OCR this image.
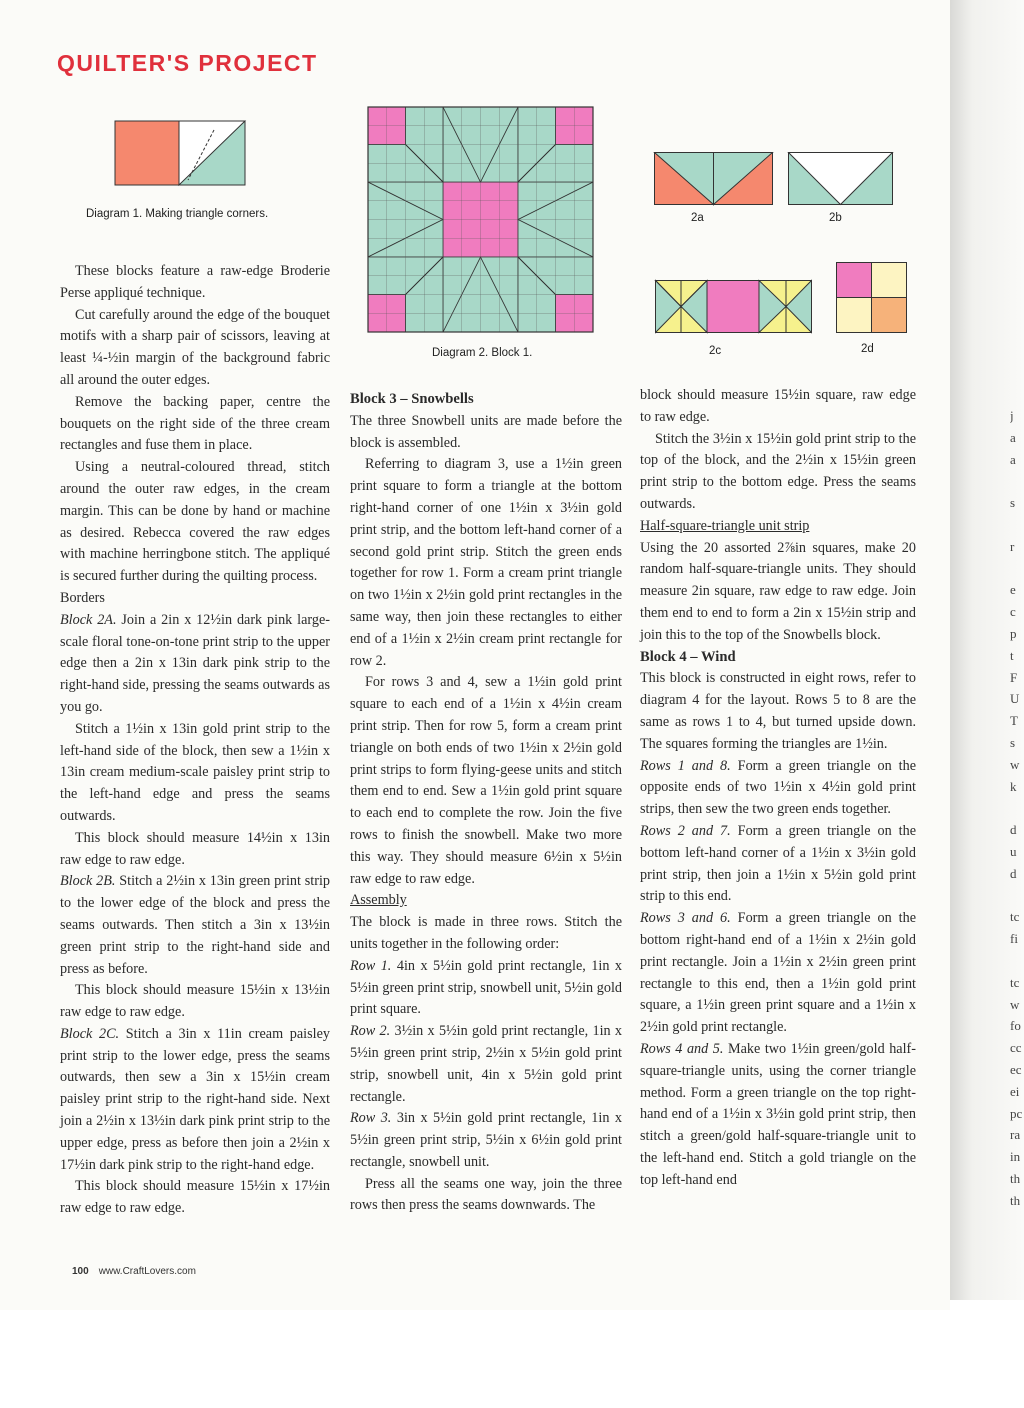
j
a
a
s
r
e
c
p
t
F
U
T
s
w
k
d
u
d
tc
fi
tc
w
fo
cc
ec
ei
pc
ra
in
th
th
QUILTER'S PROJECT
Diagram 1. Making triangle corners.
Diagram 2. Block 1.
2a	2b
2c	2d

These blocks feature a raw-edge Broderie Perse appliqué technique.

Cut carefully around the edge of the bouquet motifs with a sharp pair of scissors, leaving at least ¼-½in margin of the background fabric all around the outer edges.

Remove the backing paper, centre the bouquets on the right side of the three cream rectangles and fuse them in place.

Using a neutral-coloured thread, stitch around the outer raw edges, in the cream margin. This can be done by hand or machine as desired. Rebecca covered the raw edges with machine herringbone stitch. The appliqué is secured further during the quilting process.

Borders

Block 2A. Join a 2in x 12½in dark pink large-scale floral tone-on-tone print strip to the upper edge then a 2in x 13in dark pink strip to the right-hand side, pressing the seams outwards as you go.

Stitch a 1½in x 13in gold print strip to the left-hand side of the block, then sew a 1½in x 13in cream medium-scale paisley print strip to the left-hand edge and press the seams outwards.

This block should measure 14½in x 13in raw edge to raw edge.

Block 2B. Stitch a 2½in x 13in green print strip to the lower edge of the block and press the seams outwards. Then stitch a 3in x 13½in green print strip to the right-hand side and press as before.

This block should measure 15½in x 13½in raw edge to raw edge.

Block 2C. Stitch a 3in x 11in cream paisley print strip to the lower edge, press the seams outwards, then sew a 3in x 15½in cream paisley print strip to the right-hand side. Next join a 2½in x 13½in dark pink print strip to the upper edge, press as before then join a 2½in x 17½in dark pink strip to the right-hand edge.

This block should measure 15½in x 17½in raw edge to raw edge.

Block 3 – Snowbells

The three Snowbell units are made before the block is assembled.

Referring to diagram 3, use a 1½in green print square to form a triangle at the bottom right-hand corner of one 1½in x 3½in gold print strip, and the bottom left-hand corner of a second gold print strip. Stitch the green ends together for row 1. Form a cream print triangle on two 1½in x 2½in gold print rectangles in the same way, then join these rectangles to either end of a 1½in x 2½in cream print rectangle for row 2.

For rows 3 and 4, sew a 1½in gold print square to each end of a 1½in x 4½in cream print strip. Then for row 5, form a cream print triangle on both ends of two 1½in x 2½in gold print strips to form flying-geese units and stitch them end to end. Sew a 1½in gold print square to each end to complete the row. Join the five rows to finish the snowbell. Make two more this way. They should measure 6½in x 5½in raw edge to raw edge.

Assembly

The block is made in three rows. Stitch the units together in the following order:

Row 1. 4in x 5½in gold print rectangle, 1in x 5½in green print strip, snowbell unit, 5½in gold print square.

Row 2. 3½in x 5½in gold print rectangle, 1in x 5½in green print strip, 2½in x 5½in gold print strip, snowbell unit, 4in x 5½in gold print rectangle.

Row 3. 3in x 5½in gold print rectangle, 1in x 5½in green print strip, 5½in x 6½in gold print rectangle, snowbell unit.

Press all the seams one way, join the three rows then press the seams downwards. The

block should measure 15½in square, raw edge to raw edge.

Stitch the 3½in x 15½in gold print strip to the top of the block, and the 2½in x 15½in green print strip to the bottom edge. Press the seams outwards.

Half-square-triangle unit strip

Using the 20 assorted 2⅞in squares, make 20 random half-square-triangle units. They should measure 2in square, raw edge to raw edge. Join them end to end to form a 2in x 15½in strip and join this to the top of the Snowbells block.

Block 4 – Wind

This block is constructed in eight rows, refer to diagram 4 for the layout. Rows 5 to 8 are the same as rows 1 to 4, but turned upside down. The squares forming the triangles are 1½in.

Rows 1 and 8. Form a green triangle on the opposite ends of two 1½in x 4½in gold print strips, then sew the two green ends together.

Rows 2 and 7. Form a green triangle on the bottom left-hand corner of a 1½in x 3½in gold print strip, then join a 1½in x 5½in gold print strip to this end.

Rows 3 and 6. Form a green triangle on the bottom right-hand end of a 1½in x 2½in gold print rectangle. Join a 1½in x 2½in green print rectangle to this end, then a 1½in gold print square, a 1½in green print square and a 1½in x 2½in gold print rectangle.

Rows 4 and 5. Make two 1½in green/gold half-square-triangle units, using the corner triangle method. Form a green triangle on the top right-hand end of a 1½in x 3½in gold print strip, then stitch a green/gold half-square-triangle unit to the left-hand end. Stitch a gold triangle on the top left-hand end

100 www.CraftLovers.com
